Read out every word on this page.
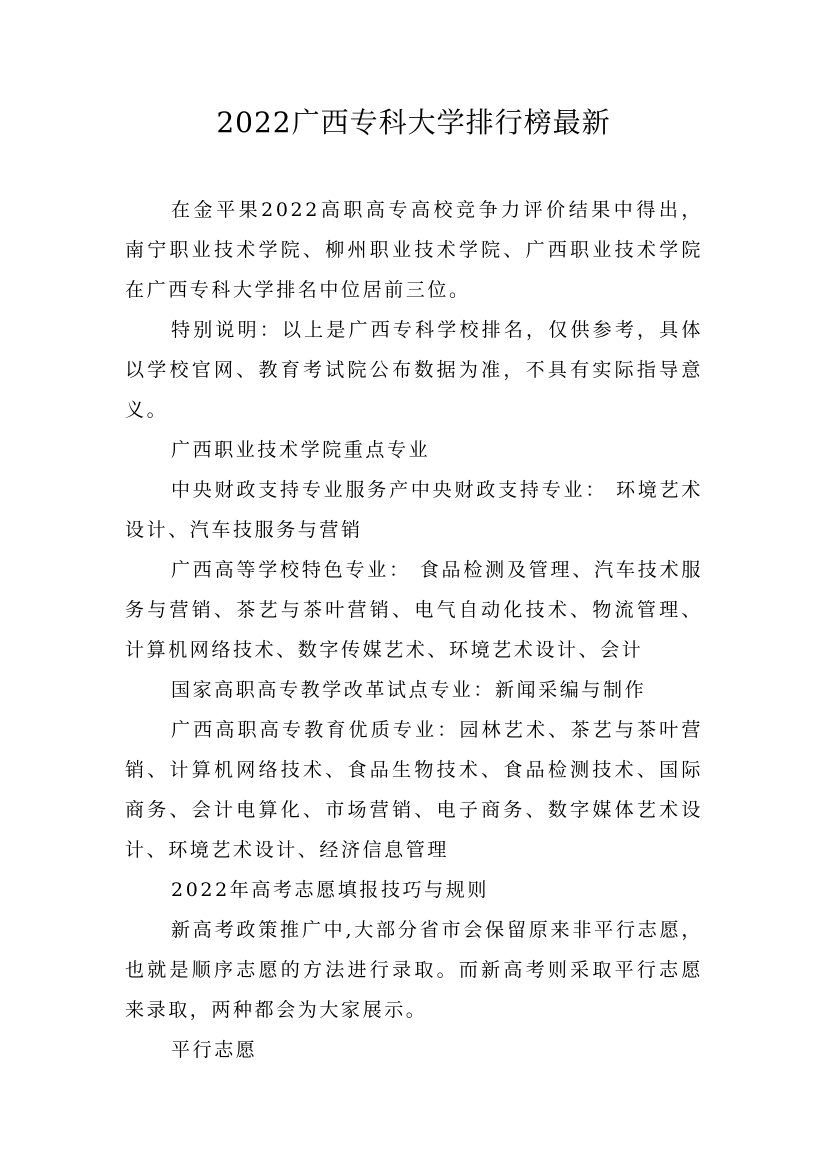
2022广西专科大学排行榜最新

在金平果2022高职高专高校竞争力评价结果中得出，南宁职业技术学院、柳州职业技术学院、广西职业技术学院在广西专科大学排名中位居前三位。

特别说明：以上是广西专科学校排名，仅供参考，具体以学校官网、教育考试院公布数据为准，不具有实际指导意义。

广西职业技术学院重点专业

中央财政支持专业服务产中央财政支持专业： 环境艺术设计、汽车技服务与营销

广西高等学校特色专业： 食品检测及管理、汽车技术服务与营销、茶艺与茶叶营销、电气自动化技术、物流管理、计算机网络技术、数字传媒艺术、环境艺术设计、会计

国家高职高专教学改革试点专业：新闻采编与制作

广西高职高专教育优质专业：园林艺术、茶艺与茶叶营销、计算机网络技术、食品生物技术、食品检测技术、国际商务、会计电算化、市场营销、电子商务、数字媒体艺术设计、环境艺术设计、经济信息管理

2022年高考志愿填报技巧与规则

新高考政策推广中,大部分省市会保留原来非平行志愿，也就是顺序志愿的方法进行录取。而新高考则采取平行志愿来录取，两种都会为大家展示。

平行志愿
